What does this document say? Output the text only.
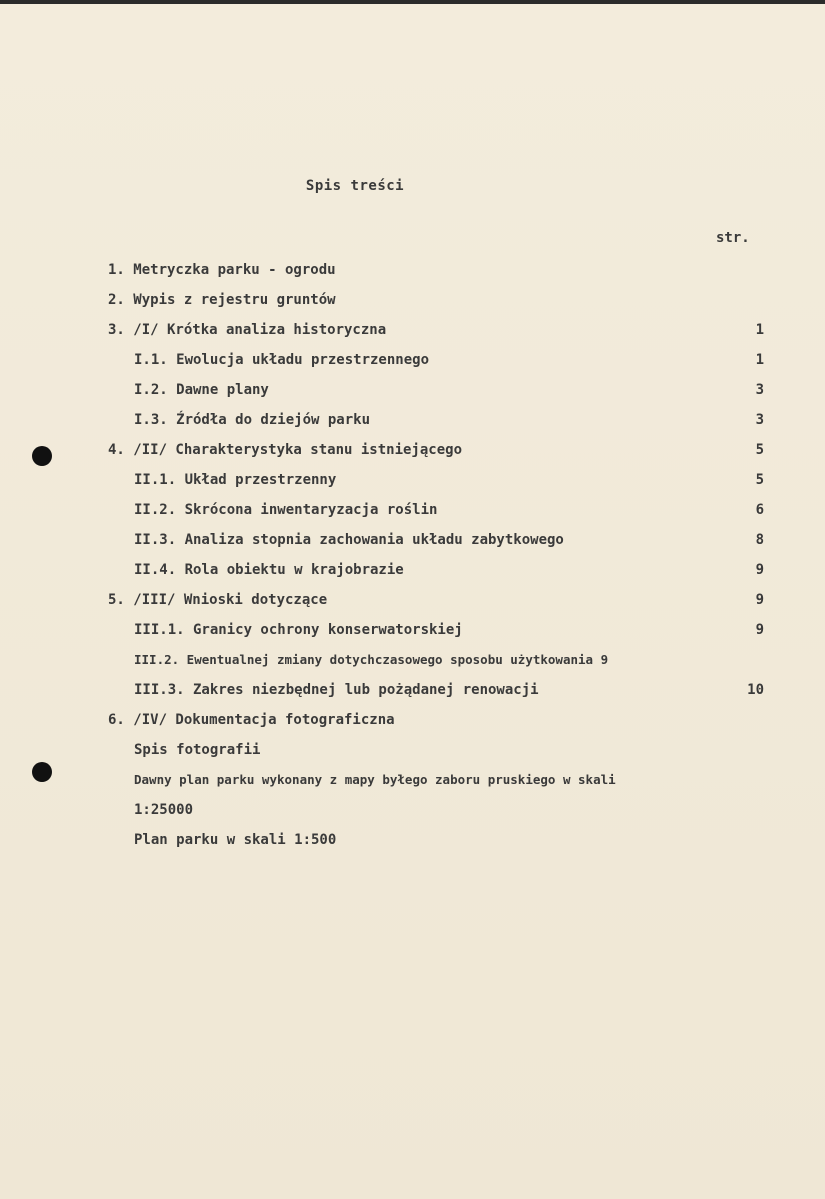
Spis treści
str.
1. Metryczka parku - ogrodu
2. Wypis z rejestru gruntów
3. /I/ Krótka analiza historyczna	1
I.1. Ewolucja układu przestrzennego	1
I.2. Dawne plany	3
I.3. Źródła do dziejów parku	3
4. /II/ Charakterystyka stanu istniejącego	5
II.1. Układ przestrzenny	5
II.2. Skrócona inwentaryzacja roślin	6
II.3. Analiza stopnia zachowania układu zabytkowego	8
II.4. Rola obiektu w krajobrazie	9
5. /III/ Wnioski dotyczące	9
III.1. Granicy ochrony konserwatorskiej	9
III.2. Ewentualnej zmiany dotychczasowego sposobu użytkowania 9
III.3. Zakres niezbędnej lub pożądanej renowacji	10
6. /IV/ Dokumentacja fotograficzna
Spis fotografii
Dawny plan parku wykonany z mapy byłego zaboru pruskiego w skali
1:25000
Plan parku w skali 1:500
